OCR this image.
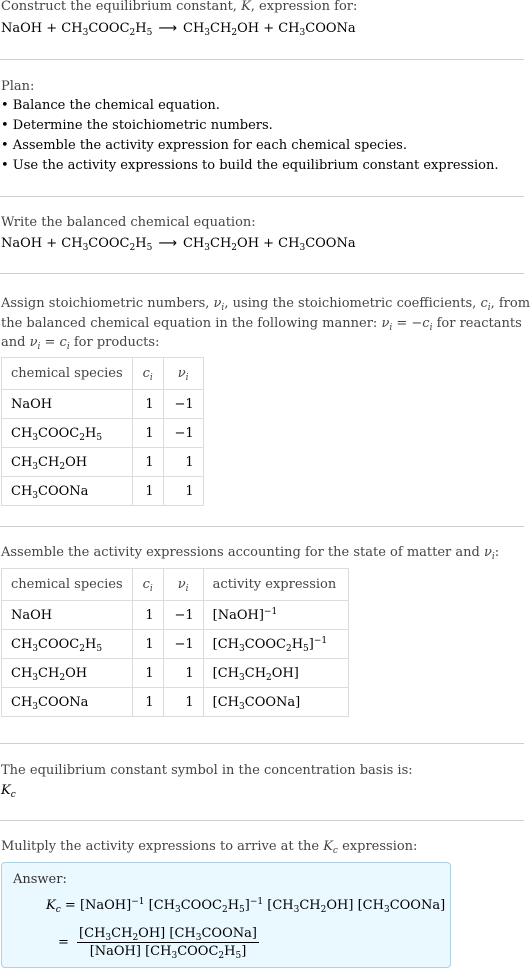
Construct the equilibrium constant, K, expression for:
NaOH + $CH_3COOC_2H_5$ ⟶ $CH_3CH_2OH$ + $CH_3COONa$
Plan:
• Balance the chemical equation.
• Determine the stoichiometric numbers.
• Assemble the activity expression for each chemical species.
• Use the activity expressions to build the equilibrium constant expression.
Write the balanced chemical equation:
NaOH + $CH_3COOC_2H_5$ ⟶ $CH_3CH_2OH$ + $CH_3COONa$
Assign stoichiometric numbers, $\nu_i$, using the stoichiometric coefficients, $c_i$, from
the balanced chemical equation in the following manner: $\nu_i = -c_i$ for reactants
and $\nu_i = c_i$ for products:
chemical species	$c_i$	$\nu_i$
NaOH	1	−1
$CH_3COOC_2H_5$	1	−1
$CH_3CH_2OH$	1	1
$CH_3COONa$	1	1
Assemble the activity expressions accounting for the state of matter and $\nu_i$:
chemical species	$c_i$	$\nu_i$	activity expression
NaOH	1	−1	[NaOH]$^{-1}$
$CH_3COOC_2H_5$	1	−1	$[CH_3COOC_2H_5]^{-1}$
$CH_3CH_2OH$	1	1	$[CH_3CH_2OH]$
$CH_3COONa$	1	1	$[CH_3COONa]$
The equilibrium constant symbol in the concentration basis is:
$K_c$
Mulitply the activity expressions to arrive at the $K_c$ expression:
Answer:
$K_c$ = [NaOH]$^{-1}$ $[CH_3COOC_2H_5]^{-1}$ $[CH_3CH_2OH]$ $[CH_3COONa]$
= $\frac{[CH_3CH_2OH] [CH_3COONa]}{[NaOH] [CH_3COOC_2H_5]}$
